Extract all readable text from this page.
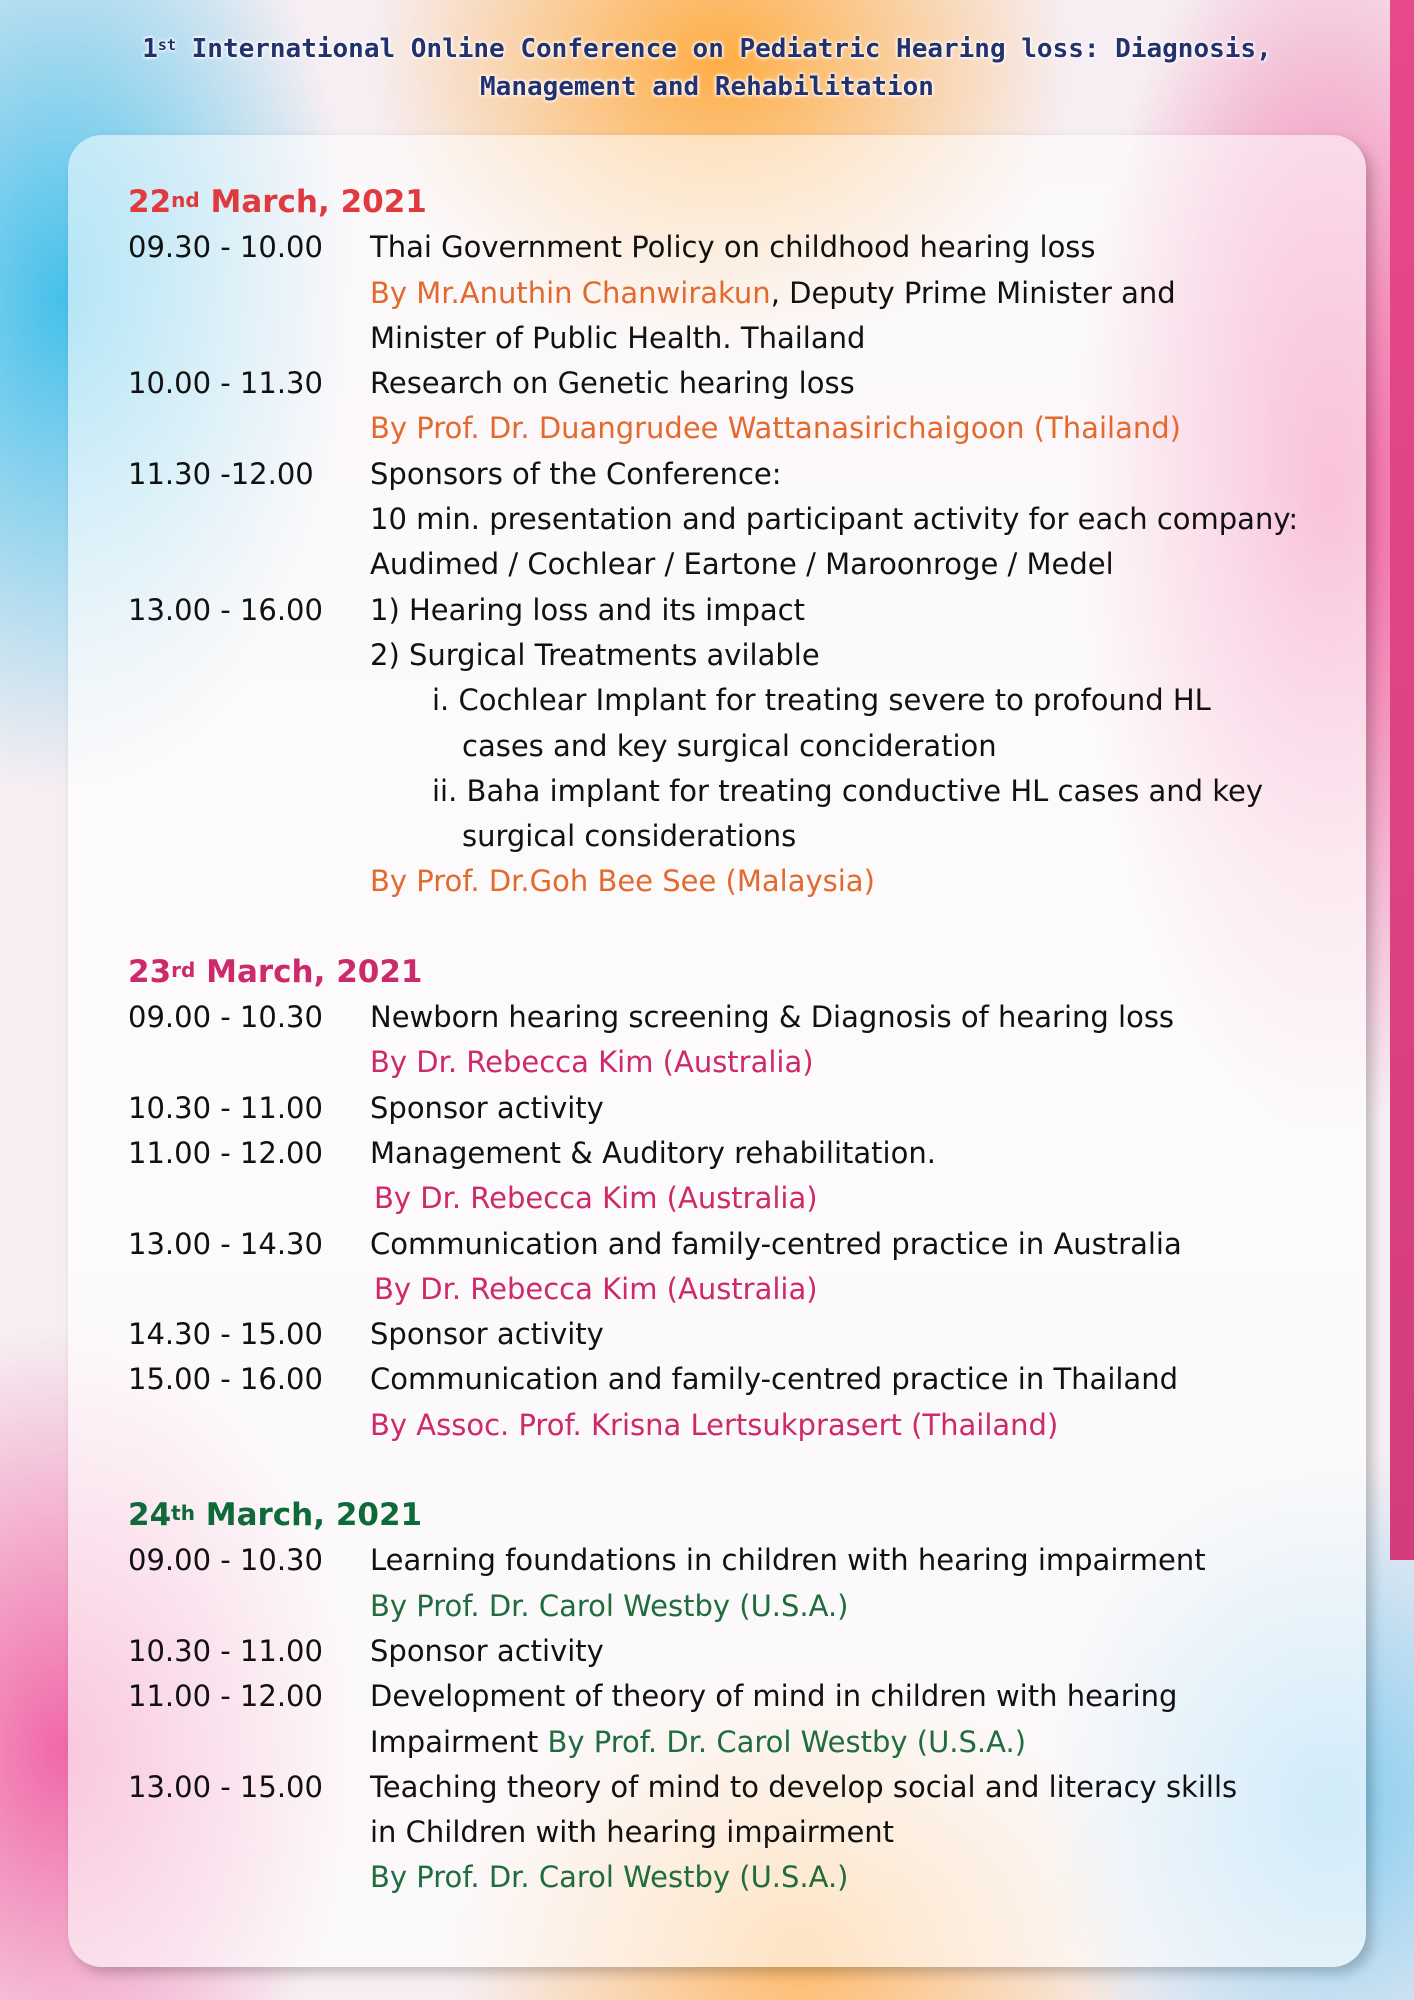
1st International Online Conference on Pediatric Hearing loss: Diagnosis,
Management and Rehabilitation
22nd March, 2021
09.30 - 10.00	Thai Government Policy on childhood hearing loss
By Mr.Anuthin Chanwirakun, Deputy Prime Minister and
Minister of Public Health. Thailand
10.00 - 11.30	Research on Genetic hearing loss
By Prof. Dr. Duangrudee Wattanasirichaigoon (Thailand)
11.30 -12.00	Sponsors of the Conference:
10 min. presentation and participant activity for each company:
Audimed / Cochlear / Eartone / Maroonroge / Medel
13.00 - 16.00	1) Hearing loss and its impact
2) Surgical Treatments avilable
i. Cochlear Implant for treating severe to profound HL
cases and key surgical concideration
ii. Baha implant for treating conductive HL cases and key
surgical considerations
By Prof. Dr.Goh Bee See (Malaysia)
23rd March, 2021
09.00 - 10.30	Newborn hearing screening & Diagnosis of hearing loss
By Dr. Rebecca Kim (Australia)
10.30 - 11.00	Sponsor activity
11.00 - 12.00	Management & Auditory rehabilitation.
By Dr. Rebecca Kim (Australia)
13.00 - 14.30	Communication and family-centred practice in Australia
By Dr. Rebecca Kim (Australia)
14.30 - 15.00	Sponsor activity
15.00 - 16.00	Communication and family-centred practice in Thailand
By Assoc. Prof. Krisna Lertsukprasert (Thailand)
24th March, 2021
09.00 - 10.30	Learning foundations in children with hearing impairment
By Prof. Dr. Carol Westby (U.S.A.)
10.30 - 11.00	Sponsor activity
11.00 - 12.00	Development of theory of mind in children with hearing
Impairment By Prof. Dr. Carol Westby (U.S.A.)
13.00 - 15.00	Teaching theory of mind to develop social and literacy skills
in Children with hearing impairment
By Prof. Dr. Carol Westby (U.S.A.)
